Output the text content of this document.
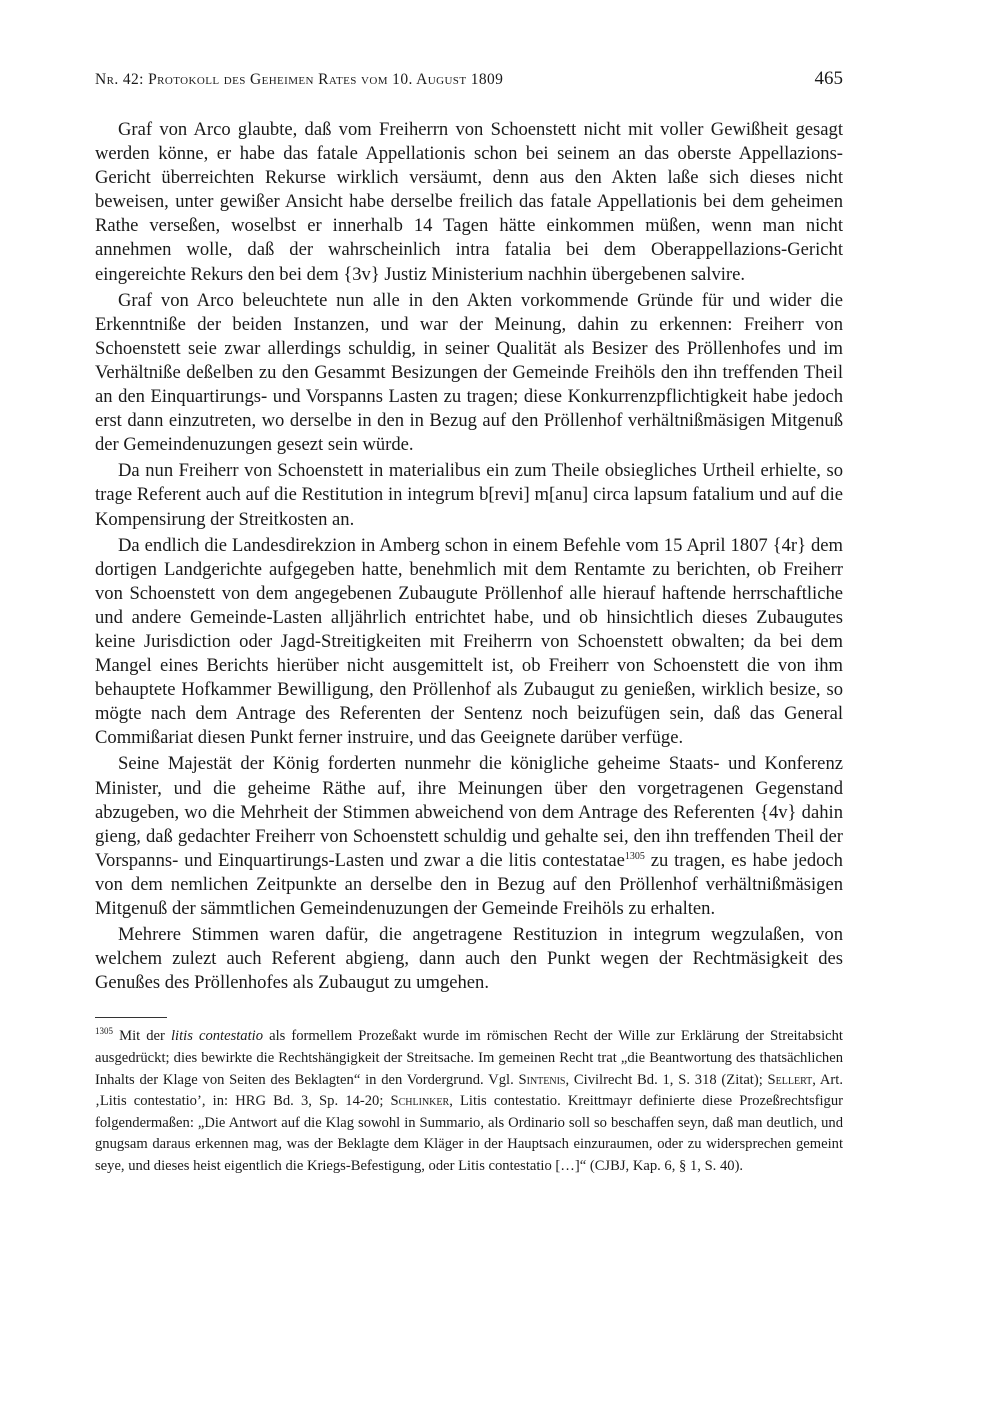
Nr. 42: Protokoll des Geheimen Rates vom 10. August 1809	465

Graf von Arco glaubte, daß vom Freiherrn von Schoenstett nicht mit voller Gewißheit gesagt werden könne, er habe das fatale Appellationis schon bei seinem an das oberste Appellazions-Gericht überreichten Rekurse wirklich versäumt, denn aus den Akten laße sich dieses nicht beweisen, unter gewißer Ansicht habe derselbe freilich das fatale Appellationis bei dem geheimen Rathe verseßen, woselbst er innerhalb 14 Tagen hätte einkommen müßen, wenn man nicht annehmen wolle, daß der wahrscheinlich intra fatalia bei dem Oberappellazions-Gericht eingereichte Rekurs den bei dem {3v} Justiz Ministerium nachhin übergebenen salvire.

Graf von Arco beleuchtete nun alle in den Akten vorkommende Gründe für und wider die Erkenntniße der beiden Instanzen, und war der Meinung, dahin zu erkennen: Freiherr von Schoenstett seie zwar allerdings schuldig, in seiner Qualität als Besizer des Pröllenhofes und im Verhältniße deßelben zu den Gesammt Besizungen der Gemeinde Freihöls den ihn treffenden Theil an den Einquartirungs- und Vorspanns Lasten zu tragen; diese Konkurrenzpflichtigkeit habe jedoch erst dann einzutreten, wo derselbe in den in Bezug auf den Pröllenhof verhältnißmäsigen Mitgenuß der Gemeindenuzungen gesezt sein würde.

Da nun Freiherr von Schoenstett in materialibus ein zum Theile obsiegliches Urtheil erhielte, so trage Referent auch auf die Restitution in integrum b[revi] m[anu] circa lapsum fatalium und auf die Kompensirung der Streitkosten an.

Da endlich die Landesdirekzion in Amberg schon in einem Befehle vom 15 April 1807 {4r} dem dortigen Landgerichte aufgegeben hatte, benehmlich mit dem Rentamte zu berichten, ob Freiherr von Schoenstett von dem angegebenen Zubaugute Pröllenhof alle hierauf haftende herrschaftliche und andere Gemeinde-Lasten alljährlich entrichtet habe, und ob hinsichtlich dieses Zubaugutes keine Jurisdiction oder Jagd-Streitigkeiten mit Freiherrn von Schoenstett obwalten; da bei dem Mangel eines Berichts hierüber nicht ausgemittelt ist, ob Freiherr von Schoenstett die von ihm behauptete Hofkammer Bewilligung, den Pröllenhof als Zubaugut zu genießen, wirklich besize, so mögte nach dem Antrage des Referenten der Sentenz noch beizufügen sein, daß das General Commißariat diesen Punkt ferner instruire, und das Geeignete darüber verfüge.

Seine Majestät der König forderten nunmehr die königliche geheime Staats- und Konferenz Minister, und die geheime Räthe auf, ihre Meinungen über den vorgetragenen Gegenstand abzugeben, wo die Mehrheit der Stimmen abweichend von dem Antrage des Referenten {4v} dahin gieng, daß gedachter Freiherr von Schoenstett schuldig und gehalte sei, den ihn treffenden Theil der Vorspanns- und Einquartirungs-Lasten und zwar a die litis contestatae$^{1305}$ zu tragen, es habe jedoch von dem nemlichen Zeitpunkte an derselbe den in Bezug auf den Pröllenhof verhältnißmäsigen Mitgenuß der sämmtlichen Gemeindenuzungen der Gemeinde Freihöls zu erhalten.

Mehrere Stimmen waren dafür, die angetragene Restituzion in integrum wegzulaßen, von welchem zulezt auch Referent abgieng, dann auch den Punkt wegen der Rechtmäsigkeit des Genußes des Pröllenhofes als Zubaugut zu umgehen.

$^{1305}$ Mit der litis contestatio als formellem Prozeßakt wurde im römischen Recht der Wille zur Erklärung der Streitabsicht ausgedrückt; dies bewirkte die Rechtshängigkeit der Streitsache. Im gemeinen Recht trat „die Beantwortung des thatsächlichen Inhalts der Klage von Seiten des Beklagten“ in den Vordergrund. Vgl. Sintenis, Civilrecht Bd. 1, S. 318 (Zitat); Sellert, Art. ‚Litis contestatio’, in: HRG Bd. 3, Sp. 14-20; Schlinker, Litis contestatio. Kreittmayr definierte diese Prozeßrechtsfigur folgendermaßen: „Die Antwort auf die Klag sowohl in Summario, als Ordinario soll so beschaffen seyn, daß man deutlich, und gnugsam daraus erkennen mag, was der Beklagte dem Kläger in der Hauptsach einzuraumen, oder zu widersprechen gemeint seye, und dieses heist eigentlich die Kriegs-Befestigung, oder Litis contestatio […]“ (CJBJ, Kap. 6, § 1, S. 40).
